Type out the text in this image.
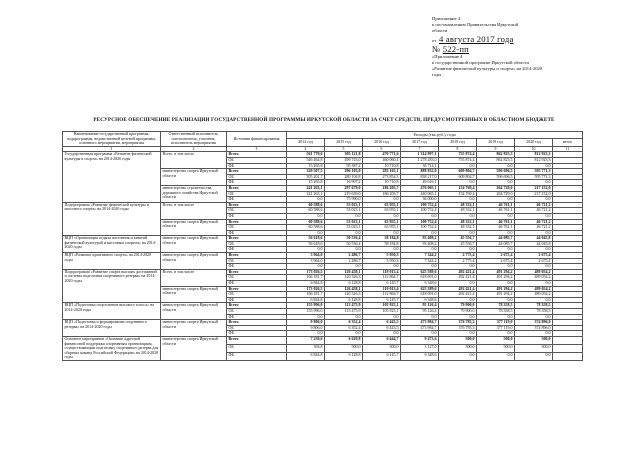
Приложение 4
к постановлению Правительства Иркутской
области
от 4 августа 2017 года
№ 522-пп
«Приложение 4
к государственной программе Иркутской области
«Развитие физической культуры и спорта» на 2014-2020
годы
РЕСУРСНОЕ ОБЕСПЕЧЕНИЕ РЕАЛИЗАЦИИ ГОСУДАРСТВЕННОЙ ПРОГРАММЫ ИРКУТСКОЙ ОБЛАСТИ ЗА СЧЕТ СРЕДСТВ, ПРЕДУСМОТРЕННЫХ В ОБЛАСТНОМ БЮДЖЕТЕ
Наименование государственной программы, подпрограммы, ведомственной целевой программы, основного мероприятия, мероприятия	Ответственный исполнитель, соисполнитель, участник, исполнитель мероприятия	Источник финансирования	Расходы (тыс.руб.), годы							
			2014 год	2015 год	2016 год	2017 год	2018 год	2019 год	2020 год	итого
1	2	3	4	5	6	7	8	9	10	11
Государственная программа «Развитие физической культуры и спорта» на 2014-2020 годы	Всего, в том числе	Всего	561 770,6	305 121,8	470 771,6	1 314 997,1	755 874,4	862 825,5	812 923,3	
		ОБ	546 464,8	499 743,0	460 060,4	1 278 283,0	755 874,4	862 825,5	812 923,3	
		ФБ	15 265,8	95 387,2	10 710,8	36 714,1	0,0	0,0	0,0	
	министерство спорта Иркутской области	Всего	320 507,5	296 103,0	283 165,1	888 832,0	609 804,7	596 696,5	595 771,3	
		ОБ	305 201,7	280 104,8	273 854,3	838 217,0	609 804,7	596 696,5	595 771,3	
		ФБ	15 265,8	16 997,2	10 710,8	49 616,1	0,0	0,0	0,0	
	министерство строительства, дорожного хозяйства Иркутской области	Всего	241 263,1	297 679,0	186 205,7	476 065,1	154 769,4	264 729,0	217 152,0	
		ОБ	241 263,1	219 639,0	186 205,7	440 065,1	154 769,4	264 729,0	217 152,0	
		ФБ	0,0	75 990,0	0,0	36 000,0	0,0	0,0	0,0	
Подпрограмма «Развитие физической культуры и массового спорта» на 2014-2020 годы	Всего, в том числе	Всего	60 588,6	53 023,1	63 955,1	100 752,4	48 332,1	46 761,1	46 721,2	
		ОБ	60 588,6	53 023,1	63 955,1	100 752,4	48 332,1	46 761,1	46 721,2	
		ФБ	0,0	0,0	0,0	0,0	0,0	0,0	0,0	
	министерство спорта Иркутской области	Всего	60 588,6	53 023,1	63 955,1	100 752,4	48 332,1	46 761,1	46 721,2	
		ОБ	60 588,6	53 023,1	63 955,1	100 752,4	48 332,1	46 761,1	46 721,2	
		ФБ	0,0	0,0	0,0	0,0	0,0	0,0	0,0	
ВЦП «Организация отдыха населения и занятий физической культурой и массовым спортом» на 2014-2020 годы	министерство спорта Иркутской области	Всего	56 618,6	50 536,4	58 184,8	93 408,2	45 556,7	44 085,7	44 045,8	
		ОБ	56 618,6	50 536,4	58 184,8	93 408,2	45 556,7	44 085,7	44 045,8	
		ФБ	0,0	0,0	0,0	0,0	0,0	0,0	0,0	
ВЦП «Развитие адаптивного спорта» на 2014-2020 годы	министерство спорта Иркутской области	Всего	3 964,0	2 486,7	5 950,3	7 344,2	2 775,4	2 675,4	2 675,4	
		ОБ	3 964,0	2 486,7	5 950,3	7 344,2	2 775,4	2 675,4	2 675,4	
		ФБ	0,0	0,0	0,0	0,0	0,0	0,0	0,0	
Подпрограмма «Развитие спорта высших достижений и системы подготовки спортивного резерва» на 2014-2020 годы	Всего, в том числе	Всего	173 026,5	126 458,1	119 013,4	625 589,6	492 421,4	491 294,2	489 054,2	
		ОБ	166 181,7	120 326,3	112 864,7	618 691,0	492 421,4	491 294,2	489 054,2	
		ФБ	6 844,8	6 128,8	6 145,7	6 348,6	0,0	0,0	0,0	
	министерство спорта Иркутской области	Всего	173 026,5	126 458,1	119 013,4	625 589,6	492 421,4	491 294,2	489 054,2	
		ОБ	166 181,7	120 326,3	112 864,7	618 691,0	492 421,4	491 294,2	489 054,2	
		ФБ	6 844,8	6 128,8	6 145,7	6 348,6	0,0	0,0	0,0	
ВЦП «Подготовка спортсменов высокого класса» на 2014-2020 годы	министерство спорта Иркутской области	Всего	155 996,0	113 475,9	105 925,1	95 126,4	79 900,0	78 358,5	78 358,5	
		ОБ	155 996,0	113 475,9	105 925,1	95 126,4	79 900,0	78 358,5	78 358,5	
		ФБ	0,0	0,0	0,0	0,0	0,0	0,0	0,0	
ВЦП «Подготовка и формирование спортивного резерва» на 2014-2020 годы	министерство спорта Иркутской области	Всего	9 806,0	6 352,4	6 443,5	473 984,7	376 785,3	377 119,0	374 896,0	
		ОБ	9 806,0	6 352,4	6 443,5	473 984,7	376 785,3	377 119,0	374 896,0	
		ФБ	0,0	0,0	0,0	0,0	0,0	0,0	0,0	
Основное мероприятие «Оказание адресной финансовой поддержки спортивным организациям, осуществляющим подготовку спортивного резерва для сборных команд Российской Федерации» на 2014-2020 годы	министерство спорта Иркутской области	Всего	7 239,6	6 629,8	6 644,7	9 473,6	500,0	500,0	500,0	
		ОБ	394,8	500,0	500,0	3 127,0	500,0	500,0	500,0	
		ФБ	6 844,8	6 128,8	6 145,7	6 348,6	0,0	0,0	0,0	
